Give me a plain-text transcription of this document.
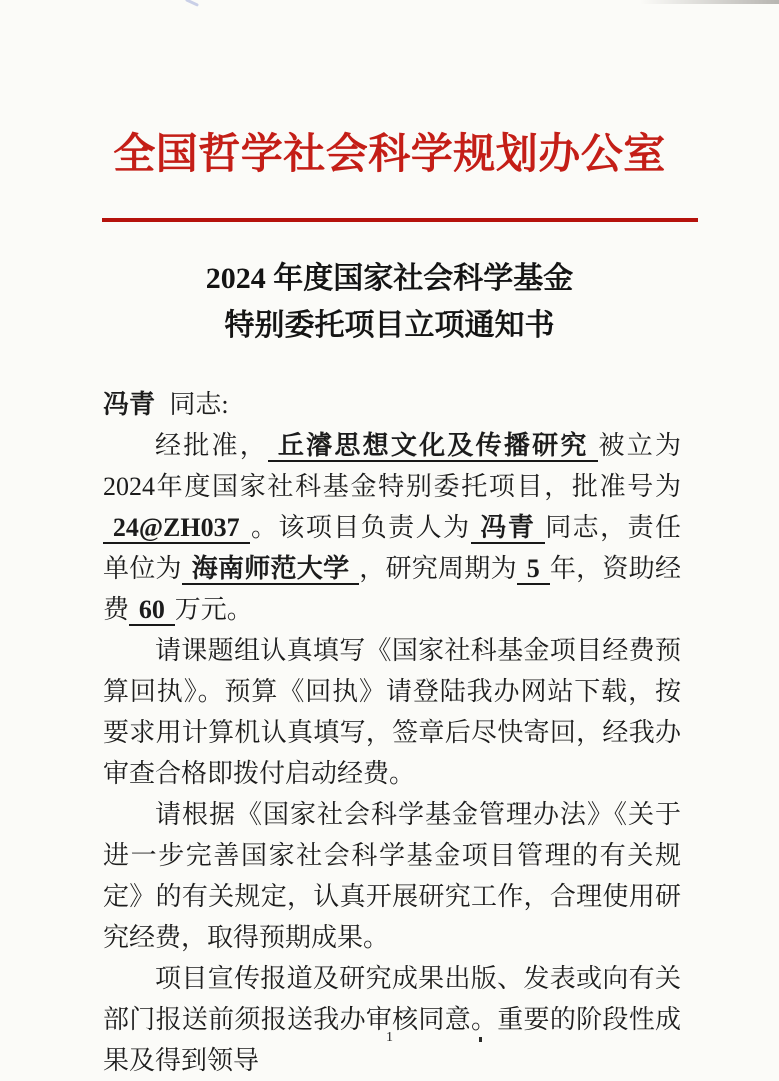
全国哲学社会科学规划办公室
2024 年度国家社会科学基金
特别委托项目立项通知书

冯青 同志:

经批准， 丘濬思想文化及传播研究 被立为2024年度国家社科基金特别委托项目，批准号为24@ZH037 。该项目负责人为 冯青 同志，责任单位为 海南师范大学 ，研究周期为 5 年，资助经费 60 万元。

请课题组认真填写《国家社科基金项目经费预算回执》。预算《回执》请登陆我办网站下载，按要求用计算机认真填写，签章后尽快寄回，经我办审查合格即拨付启动经费。

请根据《国家社会科学基金管理办法》《关于进一步完善国家社会科学基金项目管理的有关规定》的有关规定，认真开展研究工作，合理使用研究经费，取得预期成果。

项目宣传报道及研究成果出版、发表或向有关部门报送前须报送我办审核同意。重要的阶段性成果及得到领导

1
